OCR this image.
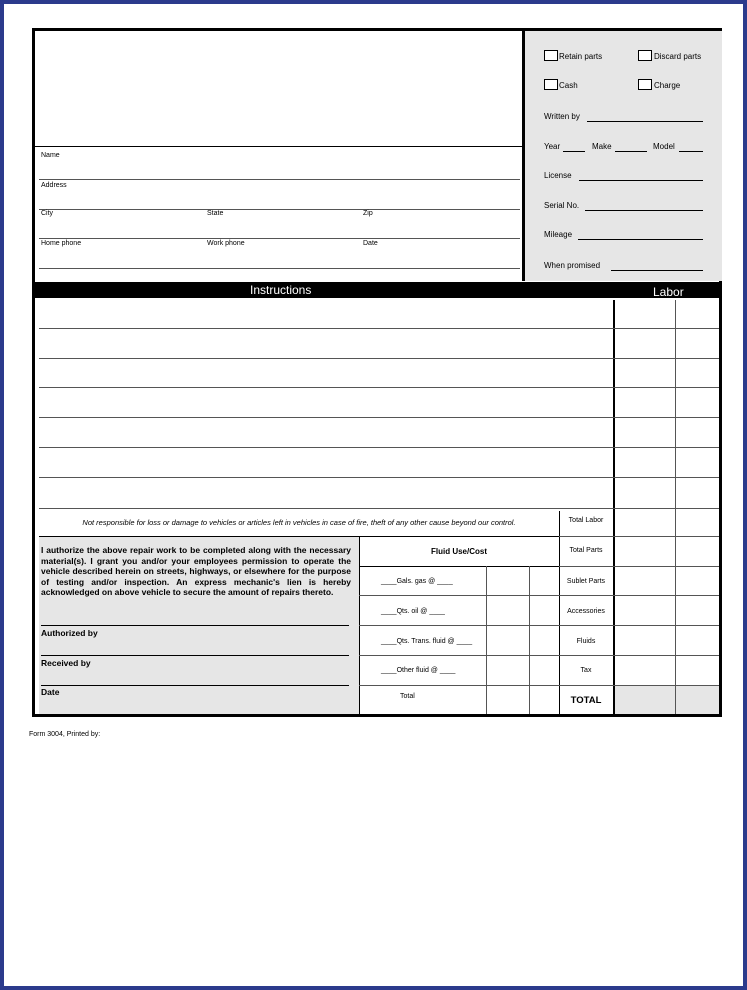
Name
Address
City	State	Zip
Home phone	Work phone	Date
Retain parts	Discard parts
Cash	Charge
Written by
Year	Make	Model
License
Serial No.
Mileage
When promised
Instructions	Labor
Not responsible for loss or damage to vehicles or articles left in vehicles in case of fire, theft of any other cause beyond our control.
I authorize the above repair work to be completed along with the necessary material(s). I grant you and/or your employees permission to operate the vehicle described herein on streets, highways, or elsewhere for the purpose of testing and/or inspection. An express mechanic's lien is hereby acknowledged on above vehicle to secure the amount of repairs thereto.
Authorized by
Received by
Date
Fluid Use/Cost
____Gals. gas @ ____
____Qts. oil @ ____
____Qts. Trans. fluid @ ____
____Other fluid @ ____
Total
Total Labor
Total Parts
Sublet Parts
Accessories
Fluids
Tax
TOTAL
Form 3004, Printed by:
